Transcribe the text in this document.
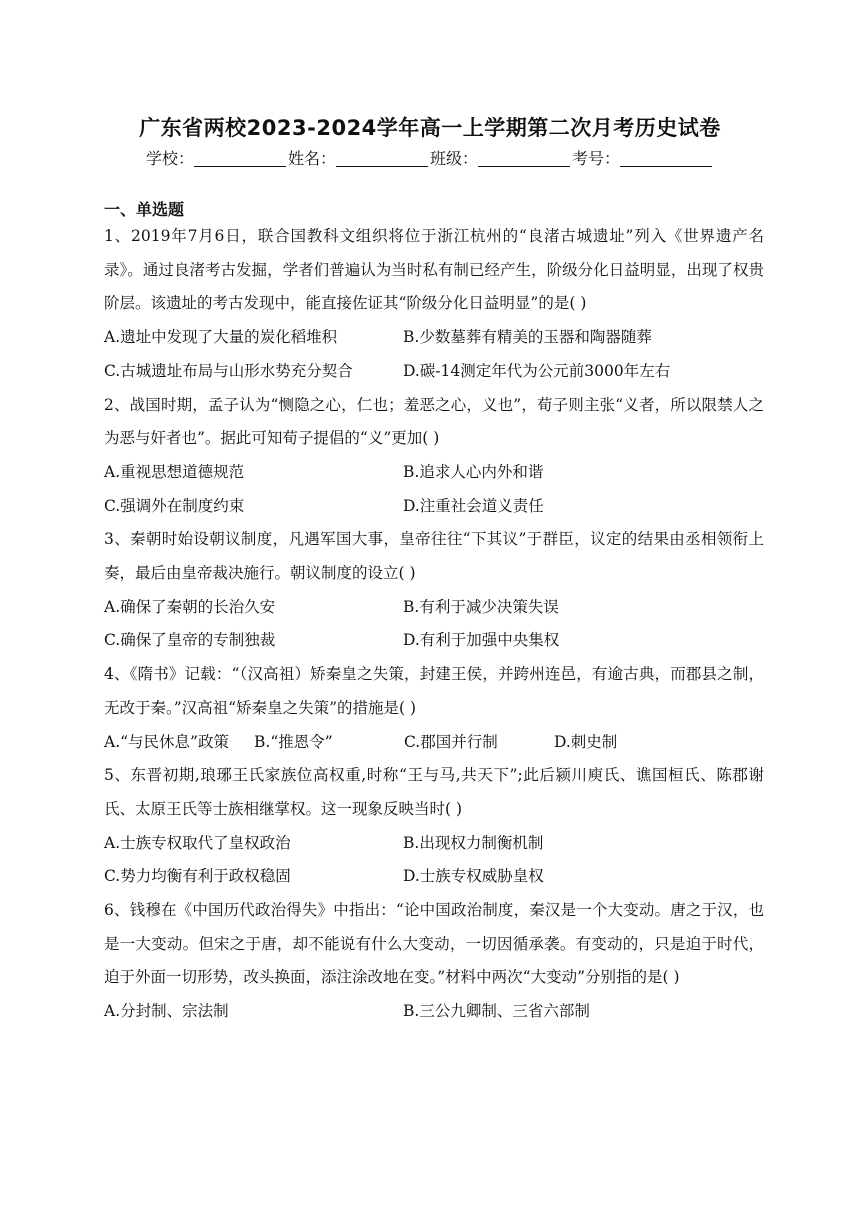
广东省两校2023-2024学年高一上学期第二次月考历史试卷
学校：	姓名：	班级：	考号：
一、单选题
1、2019年7月6日，联合国教科文组织将位于浙江杭州的“良渚古城遗址”列入《世界遗产名录》。通过良渚考古发掘，学者们普遍认为当时私有制已经产生，阶级分化日益明显，出现了权贵阶层。该遗址的考古发现中，能直接佐证其“阶级分化日益明显”的是( )
A.遗址中发现了大量的炭化稻堆积	B.少数墓葬有精美的玉器和陶器随葬
C.古城遗址布局与山形水势充分契合	D.碳-14测定年代为公元前3000年左右
2、战国时期，孟子认为“恻隐之心，仁也；羞恶之心，义也”，荀子则主张“义者，所以限禁人之为恶与奸者也”。据此可知荀子提倡的“义”更加( )
A.重视思想道德规范	B.追求人心内外和谐
C.强调外在制度约束	D.注重社会道义责任
3、秦朝时始设朝议制度，凡遇军国大事，皇帝往往“下其议”于群臣，议定的结果由丞相领衔上奏，最后由皇帝裁决施行。朝议制度的设立( )
A.确保了秦朝的长治久安	B.有利于减少决策失误
C.确保了皇帝的专制独裁	D.有利于加强中央集权
4、《隋书》记载：“（汉高祖）矫秦皇之失策，封建王侯，并跨州连邑，有逾古典，而郡县之制，无改于秦。”汉高祖“矫秦皇之失策”的措施是( )
A.“与民休息”政策	B.“推恩令”	C.郡国并行制	D.刺史制
5、东晋初期,琅琊王氏家族位高权重,时称“王与马,共天下”;此后颍川庾氏、谯国桓氏、陈郡谢氏、太原王氏等士族相继掌权。这一现象反映当时( )
A.士族专权取代了皇权政治	B.出现权力制衡机制
C.势力均衡有利于政权稳固	D.士族专权威胁皇权
6、钱穆在《中国历代政治得失》中指出：“论中国政治制度，秦汉是一个大变动。唐之于汉，也是一大变动。但宋之于唐，却不能说有什么大变动，一切因循承袭。有变动的，只是迫于时代，迫于外面一切形势，改头换面，添注涂改地在变。”材料中两次“大变动”分别指的是( )
A.分封制、宗法制	B.三公九卿制、三省六部制
